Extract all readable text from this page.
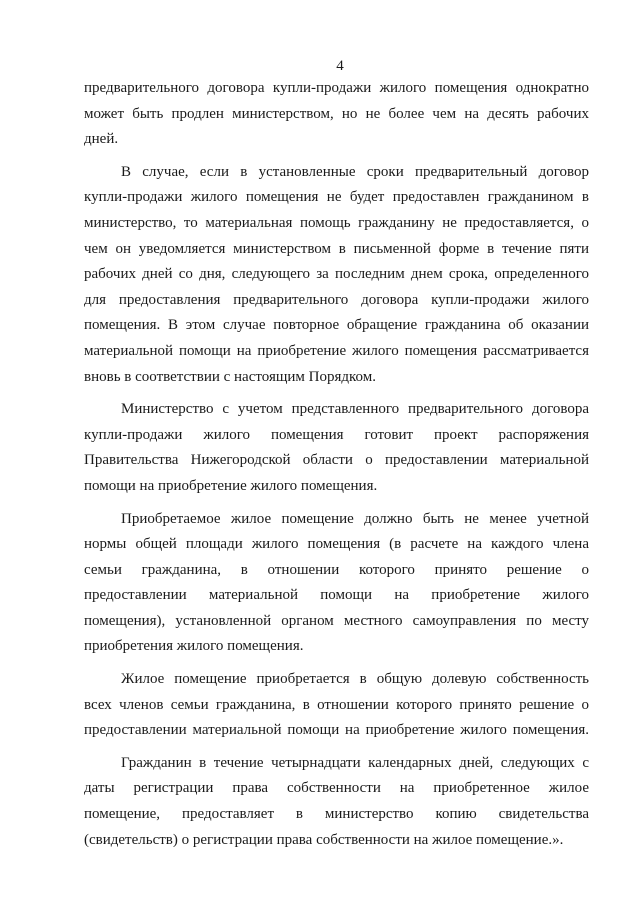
4
предварительного договора купли-продажи жилого помещения однократно
может быть продлен министерством, но не более чем на десять рабочих
дней.
В случае, если в установленные сроки предварительный договор
купли-продажи жилого помещения не будет предоставлен гражданином в
министерство, то материальная помощь гражданину не предоставляется, о
чем он уведомляется министерством в письменной форме в течение пяти
рабочих дней со дня, следующего за последним днем срока, определенного
для предоставления предварительного договора купли-продажи жилого
помещения. В этом случае повторное обращение гражданина об оказании
материальной помощи на приобретение жилого помещения рассматривается
вновь в соответствии с настоящим Порядком.
Министерство с учетом представленного предварительного договора
купли-продажи жилого помещения готовит проект распоряжения
Правительства Нижегородской области о предоставлении материальной
помощи на приобретение жилого помещения.
Приобретаемое жилое помещение должно быть не менее учетной
нормы общей площади жилого помещения (в расчете на каждого члена
семьи гражданина, в отношении которого принято решение о
предоставлении материальной помощи на приобретение жилого
помещения), установленной органом местного самоуправления по месту
приобретения жилого помещения.
Жилое помещение приобретается в общую долевую собственность
всех членов семьи гражданина, в отношении которого принято решение о
предоставлении материальной помощи на приобретение жилого помещения.
Гражданин в течение четырнадцати календарных дней, следующих с
даты регистрации права собственности на приобретенное жилое
помещение, предоставляет в министерство копию свидетельства
(свидетельств) о регистрации права собственности на жилое помещение.».
